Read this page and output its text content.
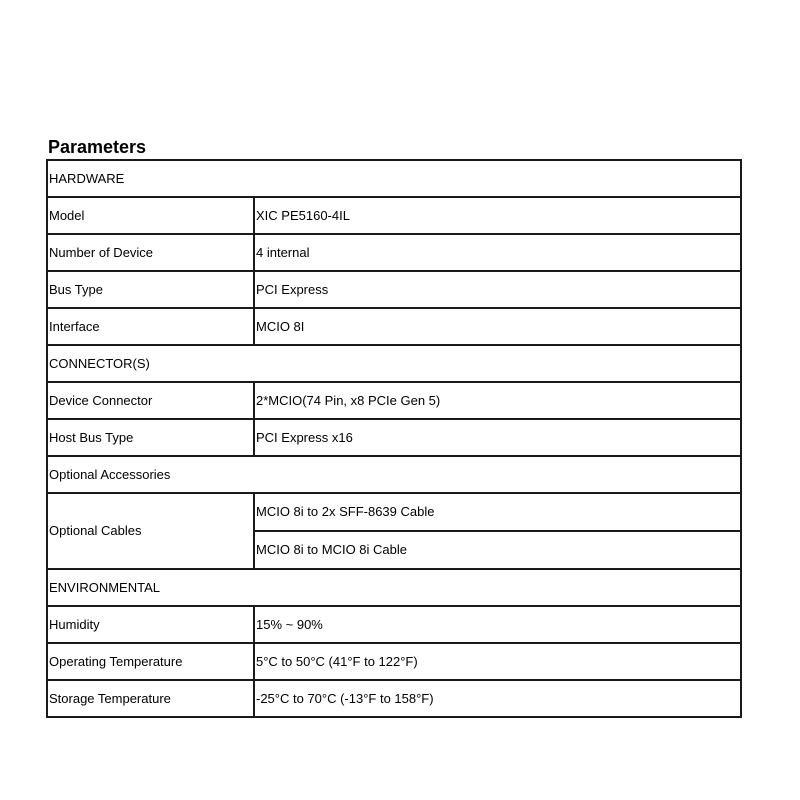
Parameters
HARDWARE	
Model	XIC PE5160-4IL
Number of Device	4 internal
Bus Type	PCI Express
Interface	MCIO 8I
CONNECTOR(S)	
Device Connector	2*MCIO(74 Pin, x8 PCIe Gen 5)
Host Bus Type	PCI Express x16
Optional Accessories	
Optional Cables	MCIO 8i to 2x SFF-8639 Cable
	MCIO 8i to MCIO 8i Cable
ENVIRONMENTAL	
Humidity	15% ~ 90%
Operating Temperature	5°C to 50°C (41°F to 122°F)
Storage Temperature	-25°C to 70°C (-13°F to 158°F)
